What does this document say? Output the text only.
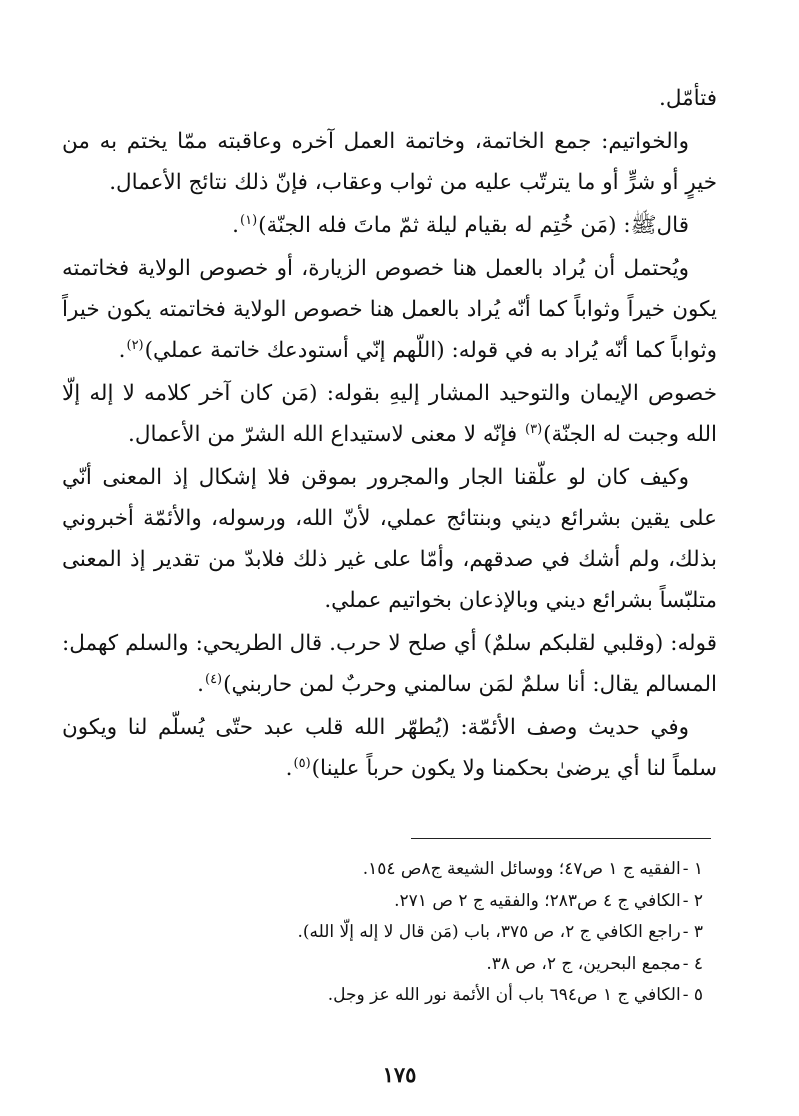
فتأمّل.

والخواتيم: جمع الخاتمة، وخاتمة العمل آخره وعاقبته ممّا يختم به من خيرٍ أو شرٍّ أو ما يترتّب عليه من ثواب وعقاب، فإنّ ذلك نتائج الأعمال.

قالﷺ: (مَن خُتِم له بقيام ليلة ثمّ ماتَ فله الجنّة)$^{(١)}$.

ويُحتمل أن يُراد بالعمل هنا خصوص الزيارة، أو خصوص الولاية فخاتمته يكون خيراً وثواباً كما أنّه يُراد بالعمل هنا خصوص الولاية فخاتمته يكون خيراً وثواباً كما أنّه يُراد به في قوله: (اللّهم إنّي أستودعك خاتمة عملي)$^{(٢)}$.

خصوص الإيمان والتوحيد المشار إليهِ بقوله: (مَن كان آخر كلامه لا إله إلّا الله وجبت له الجنّة)$^{(٣)}$ فإنّه لا معنى لاستيداع الله الشرّ من الأعمال.

وكيف كان لو علّقنا الجار والمجرور بموقن فلا إشكال إذ المعنى أنّي على يقين بشرائع ديني وبنتائج عملي، لأنّ الله، ورسوله، والأئمّة أخبروني بذلك، ولم أشك في صدقهم، وأمّا على غير ذلك فلابدّ من تقدير إذ المعنى متلبّساً بشرائع ديني وبالإذعان بخواتيم عملي.

قوله: (وقلبي لقلبكم سلمٌ) أي صلح لا حرب. قال الطريحي: والسلم كهمل: المسالم يقال: أنا سلمٌ لمَن سالمني وحربٌ لمن حاربني)$^{(٤)}$.

وفي حديث وصف الأئمّة: (يُطهّر الله قلب عبد حتّى يُسلّم لنا ويكون سلماً لنا أي يرضىٰ بحكمنا ولا يكون حرباً علينا)$^{(٥)}$.

١ -الفقيه ج ١ ص٤٧؛ ووسائل الشيعة ج٨ص ١٥٤.
٢ -الكافي ج ٤ ص٢٨٣؛ والفقيه ج ٢ ص ٢٧١.
٣ -راجع الكافي ج ٢، ص ٣٧٥، باب (مَن قال لا إله إلّا الله).
٤ -مجمع البحرين، ج ٢، ص ٣٨.
٥ -الكافي ج ١ ص٦٩٤ باب أن الأئمة نور الله عز وجل.
١٧٥
